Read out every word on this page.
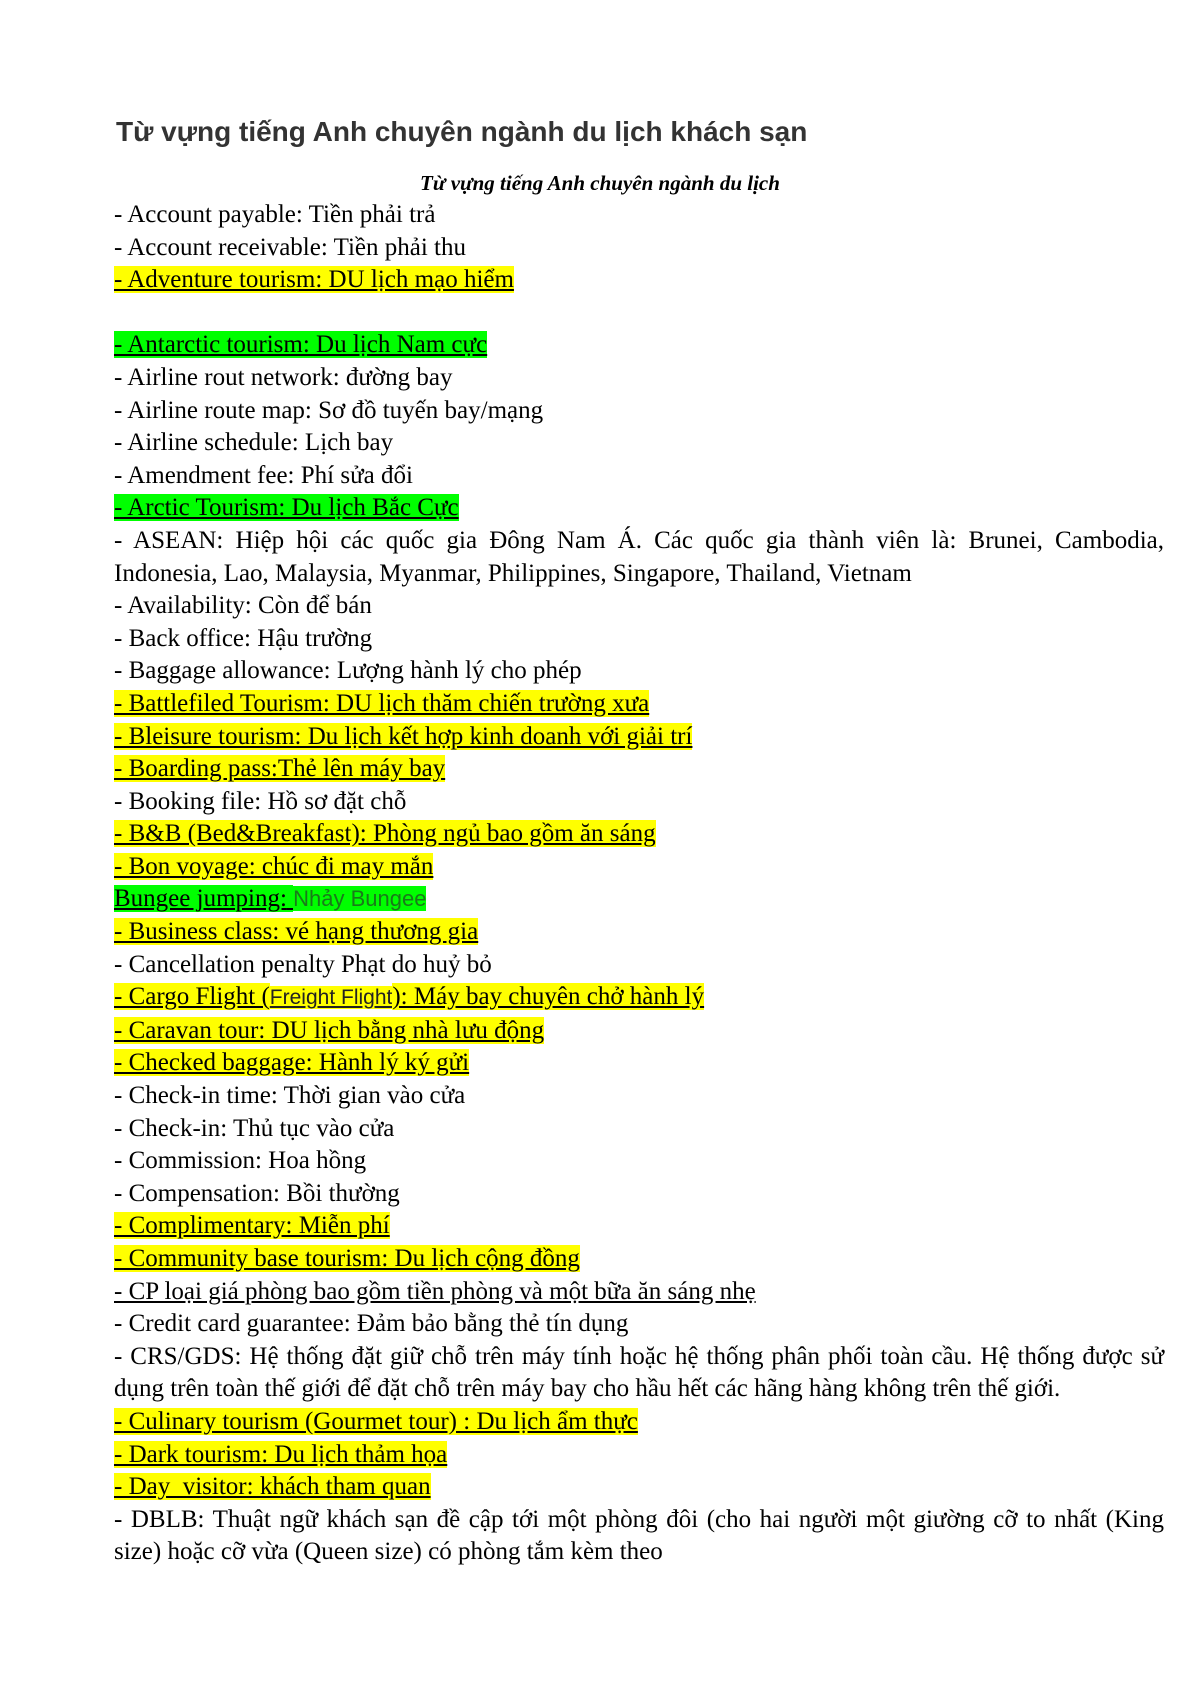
Từ vựng tiếng Anh chuyên ngành du lịch khách sạn

Từ vựng tiếng Anh chuyên ngành du lịch

- Account payable: Tiền phải trả

- Account receivable: Tiền phải thu

- Adventure tourism: DU lịch mạo hiểm

- Antarctic tourism: Du lịch Nam cực

- Airline rout network: đường bay

- Airline route map: Sơ đồ tuyến bay/mạng

- Airline schedule: Lịch bay

- Amendment fee: Phí sửa đổi

- Arctic Tourism: Du lịch Bắc Cực

- ASEAN: Hiệp hội các quốc gia Đông Nam Á. Các quốc gia thành viên là: Brunei, Cambodia, Indonesia, Lao, Malaysia, Myanmar, Philippines, Singapore, Thailand, Vietnam

- Availability: Còn để bán

- Back office: Hậu trường

- Baggage allowance: Lượng hành lý cho phép

- Battlefiled Tourism: DU lịch thăm chiến trường xưa

- Bleisure tourism: Du lịch kết hợp kinh doanh với giải trí

- Boarding pass:Thẻ lên máy bay

- Booking file: Hồ sơ đặt chỗ

- B&B (Bed&Breakfast): Phòng ngủ bao gồm ăn sáng

- Bon voyage: chúc đi may mắn

Bungee jumping: Nhảy Bungee

- Business class: vé hạng thương gia

- Cancellation penalty Phạt do huỷ bỏ

- Cargo Flight (Freight Flight): Máy bay chuyên chở hành lý

- Caravan tour: DU lịch bằng nhà lưu động

- Checked baggage: Hành lý ký gửi

- Check-in time: Thời gian vào cửa

- Check-in: Thủ tục vào cửa

- Commission: Hoa hồng

- Compensation: Bồi thường

- Complimentary: Miễn phí

- Community base tourism: Du lịch cộng đồng

- CP loại giá phòng bao gồm tiền phòng và một bữa ăn sáng nhẹ

- Credit card guarantee: Đảm bảo bằng thẻ tín dụng

- CRS/GDS: Hệ thống đặt giữ chỗ trên máy tính hoặc hệ thống phân phối toàn cầu. Hệ thống được sử dụng trên toàn thế giới để đặt chỗ trên máy bay cho hầu hết các hãng hàng không trên thế giới.

- Culinary tourism (Gourmet tour) : Du lịch ẩm thực

- Dark tourism: Du lịch thảm họa

- Day_visitor: khách tham quan

- DBLB: Thuật ngữ khách sạn đề cập tới một phòng đôi (cho hai người một giường cỡ to nhất (King size) hoặc cỡ vừa (Queen size) có phòng tắm kèm theo
